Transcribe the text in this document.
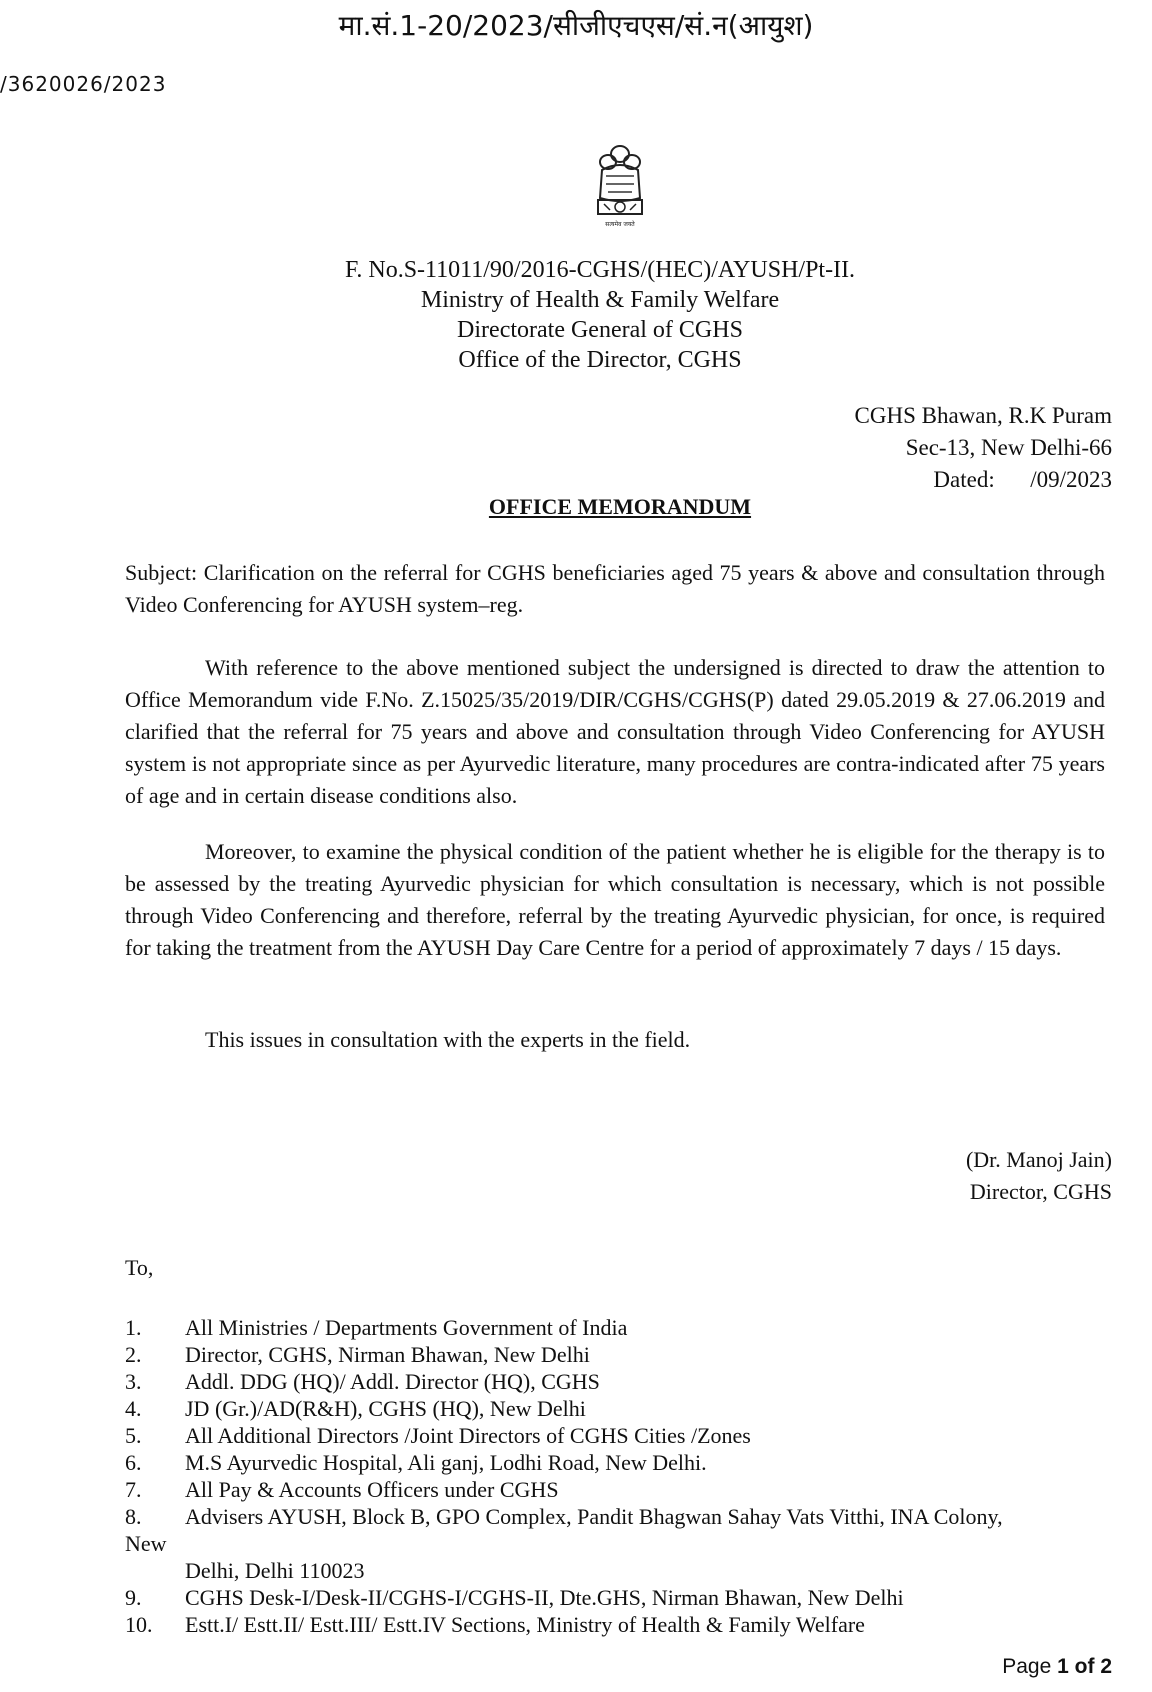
मा.सं.1-20/2023/सीजीएचएस/सं.न(आयुश)
/3620026/2023
सत्यमेव जयते
F. No.S-11011/90/2016-CGHS/(HEC)/AYUSH/Pt-II.
Ministry of Health & Family Welfare
Directorate General of CGHS
Office of the Director, CGHS
CGHS Bhawan, R.K Puram
Sec-13, New Delhi-66
Dated: /09/2023
OFFICE MEMORANDUM
Subject: Clarification on the referral for CGHS beneficiaries aged 75 years & above and consultation through Video Conferencing for AYUSH system–reg.
With reference to the above mentioned subject the undersigned is directed to draw the attention to Office Memorandum vide F.No. Z.15025/35/2019/DIR/CGHS/CGHS(P) dated 29.05.2019 & 27.06.2019 and clarified that the referral for 75 years and above and consultation through Video Conferencing for AYUSH system is not appropriate since as per Ayurvedic literature, many procedures are contra-indicated after 75 years of age and in certain disease conditions also.
Moreover, to examine the physical condition of the patient whether he is eligible for the therapy is to be assessed by the treating Ayurvedic physician for which consultation is necessary, which is not possible through Video Conferencing and therefore, referral by the treating Ayurvedic physician, for once, is required for taking the treatment from the AYUSH Day Care Centre for a period of approximately 7 days / 15 days.
This issues in consultation with the experts in the field.
(Dr. Manoj Jain)
Director, CGHS
To,
1.	All Ministries / Departments Government of India
2.	Director, CGHS, Nirman Bhawan, New Delhi
3.	Addl. DDG (HQ)/ Addl. Director (HQ), CGHS
4.	JD (Gr.)/AD(R&H), CGHS (HQ), New Delhi
5.	All Additional Directors /Joint Directors of CGHS Cities /Zones
6.	M.S Ayurvedic Hospital, Ali ganj, Lodhi Road, New Delhi.
7.	All Pay & Accounts Officers under CGHS
8.	Advisers AYUSH, Block B, GPO Complex, Pandit Bhagwan Sahay Vats Vitthi, INA Colony,
New
Delhi, Delhi 110023
9.	CGHS Desk-I/Desk-II/CGHS-I/CGHS-II, Dte.GHS, Nirman Bhawan, New Delhi
10.	Estt.I/ Estt.II/ Estt.III/ Estt.IV Sections, Ministry of Health & Family Welfare
Page 1 of 2
